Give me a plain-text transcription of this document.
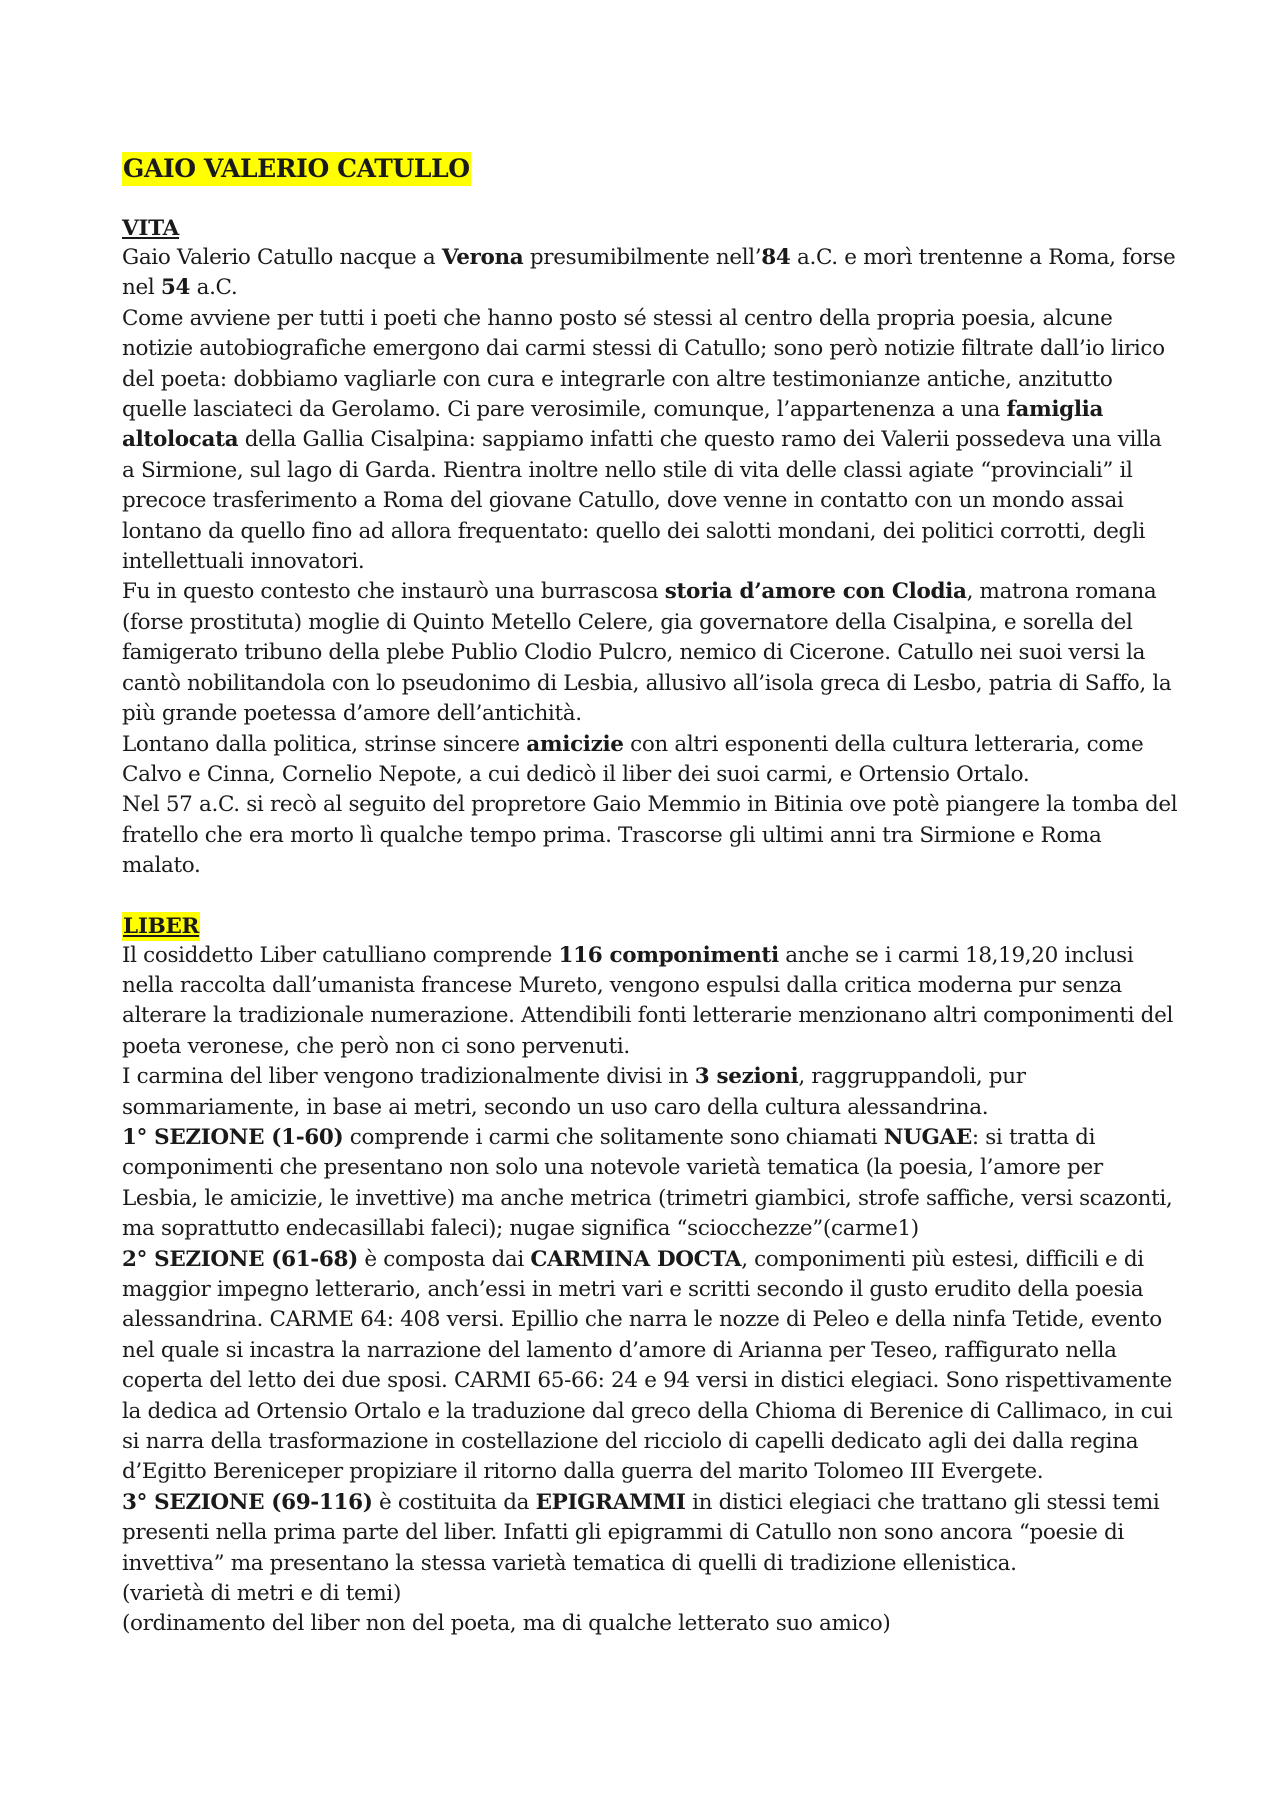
GAIO VALERIO CATULLO
VITA

Gaio Valerio Catullo nacque a Verona presumibilmente nell’84 a.C. e morì trentenne a Roma, forse nel 54 a.C.

Come avviene per tutti i poeti che hanno posto sé stessi al centro della propria poesia, alcune notizie autobiografiche emergono dai carmi stessi di Catullo; sono però notizie filtrate dall’io lirico del poeta: dobbiamo vagliarle con cura e integrarle con altre testimonianze antiche, anzitutto quelle lasciateci da Gerolamo. Ci pare verosimile, comunque, l’appartenenza a una famiglia altolocata della Gallia Cisalpina: sappiamo infatti che questo ramo dei Valerii possedeva una villa a Sirmione, sul lago di Garda. Rientra inoltre nello stile di vita delle classi agiate “provinciali” il precoce trasferimento a Roma del giovane Catullo, dove venne in contatto con un mondo assai lontano da quello fino ad allora frequentato: quello dei salotti mondani, dei politici corrotti, degli intellettuali innovatori.

Fu in questo contesto che instaurò una burrascosa storia d’amore con Clodia, matrona romana (forse prostituta) moglie di Quinto Metello Celere, gia governatore della Cisalpina, e sorella del famigerato tribuno della plebe Publio Clodio Pulcro, nemico di Cicerone. Catullo nei suoi versi la cantò nobilitandola con lo pseudonimo di Lesbia, allusivo all’isola greca di Lesbo, patria di Saffo, la più grande poetessa d’amore dell’antichità.

Lontano dalla politica, strinse sincere amicizie con altri esponenti della cultura letteraria, come Calvo e Cinna, Cornelio Nepote, a cui dedicò il liber dei suoi carmi, e Ortensio Ortalo.

Nel 57 a.C. si recò al seguito del propretore Gaio Memmio in Bitinia ove potè piangere la tomba del fratello che era morto lì qualche tempo prima. Trascorse gli ultimi anni tra Sirmione e Roma malato.

LIBER

Il cosiddetto Liber catulliano comprende 116 componimenti anche se i carmi 18,19,20 inclusi nella raccolta dall’umanista francese Mureto, vengono espulsi dalla critica moderna pur senza alterare la tradizionale numerazione. Attendibili fonti letterarie menzionano altri componimenti del poeta veronese, che però non ci sono pervenuti.

I carmina del liber vengono tradizionalmente divisi in 3 sezioni, raggruppandoli, pur sommariamente, in base ai metri, secondo un uso caro della cultura alessandrina.

1° SEZIONE (1-60) comprende i carmi che solitamente sono chiamati NUGAE: si tratta di componimenti che presentano non solo una notevole varietà tematica (la poesia, l’amore per Lesbia, le amicizie, le invettive) ma anche metrica (trimetri giambici, strofe saffiche, versi scazonti, ma soprattutto endecasillabi faleci); nugae significa “sciocchezze”(carme1)

2° SEZIONE (61-68) è composta dai CARMINA DOCTA, componimenti più estesi, difficili e di maggior impegno letterario, anch’essi in metri vari e scritti secondo il gusto erudito della poesia alessandrina. CARME 64: 408 versi. Epillio che narra le nozze di Peleo e della ninfa Tetide, evento nel quale si incastra la narrazione del lamento d’amore di Arianna per Teseo, raffigurato nella coperta del letto dei due sposi. CARMI 65-66: 24 e 94 versi in distici elegiaci. Sono rispettivamente la dedica ad Ortensio Ortalo e la traduzione dal greco della Chioma di Berenice di Callimaco, in cui si narra della trasformazione in costellazione del ricciolo di capelli dedicato agli dei dalla regina d’Egitto Bereniceper propiziare il ritorno dalla guerra del marito Tolomeo III Evergete.

3° SEZIONE (69-116) è costituita da EPIGRAMMI in distici elegiaci che trattano gli stessi temi presenti nella prima parte del liber. Infatti gli epigrammi di Catullo non sono ancora “poesie di invettiva” ma presentano la stessa varietà tematica di quelli di tradizione ellenistica.

(varietà di metri e di temi)

(ordinamento del liber non del poeta, ma di qualche letterato suo amico)
